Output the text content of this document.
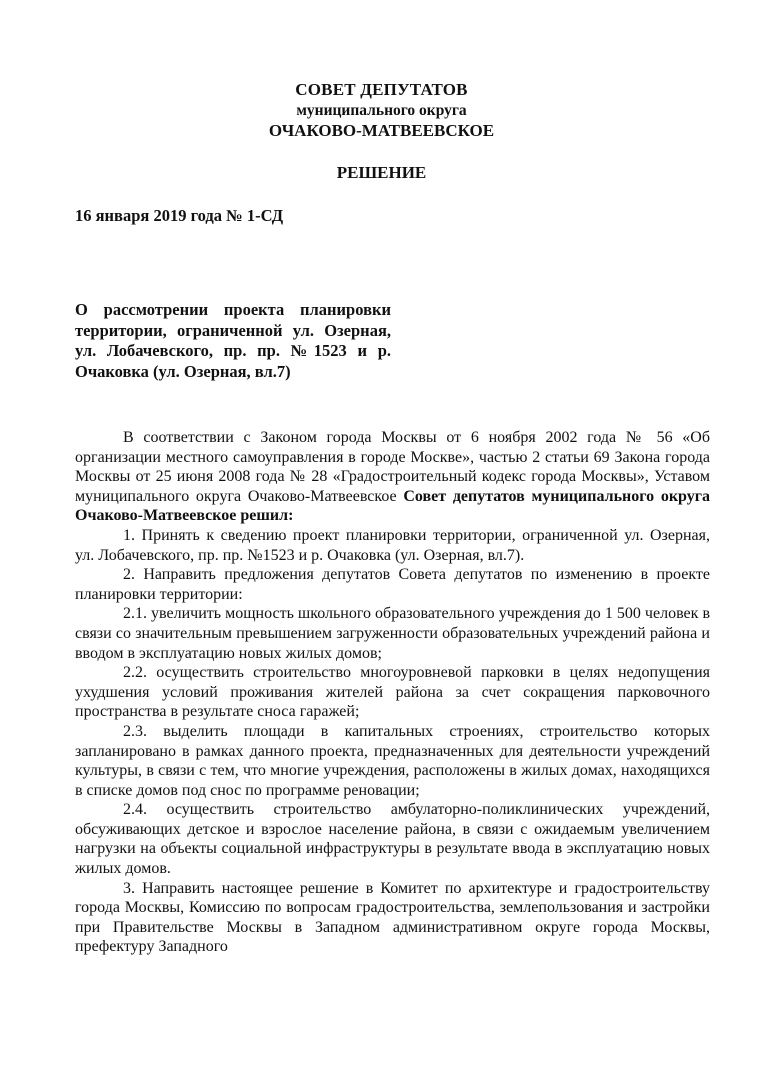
СОВЕТ ДЕПУТАТОВ
муниципального округа
ОЧАКОВО-МАТВЕЕВСКОЕ
РЕШЕНИЕ
16 января 2019 года № 1-СД
О рассмотрении проекта планировки территории, ограниченной ул. Озерная, ул. Лобачевского, пр. пр. №1523 и р. Очаковка (ул. Озерная, вл.7)

В соответствии с Законом города Москвы от 6 ноября 2002 года № 56 «Об организации местного самоуправления в городе Москве», частью 2 статьи 69 Закона города Москвы от 25 июня 2008 года № 28 «Градостроительный кодекс города Москвы», Уставом муниципального округа Очаково-Матвеевское Совет депутатов муниципального округа Очаково-Матвеевское решил:

1. Принять к сведению проект планировки территории, ограниченной ул. Озерная, ул. Лобачевского, пр. пр. №1523 и р. Очаковка (ул. Озерная, вл.7).

2. Направить предложения депутатов Совета депутатов по изменению в проекте планировки территории:

2.1. увеличить мощность школьного образовательного учреждения до 1 500 человек в связи со значительным превышением загруженности образовательных учреждений района и вводом в эксплуатацию новых жилых домов;

2.2. осуществить строительство многоуровневой парковки в целях недопущения ухудшения условий проживания жителей района за счет сокращения парковочного пространства в результате сноса гаражей;

2.3. выделить площади в капитальных строениях, строительство которых запланировано в рамках данного проекта, предназначенных для деятельности учреждений культуры, в связи с тем, что многие учреждения, расположены в жилых домах, находящихся в списке домов под снос по программе реновации;

2.4. осуществить строительство амбулаторно-поликлинических учреждений, обсуживающих детское и взрослое население района, в связи с ожидаемым увеличением нагрузки на объекты социальной инфраструктуры в результате ввода в эксплуатацию новых жилых домов.

3. Направить настоящее решение в Комитет по архитектуре и градостроительству города Москвы, Комиссию по вопросам градостроительства, землепользования и застройки при Правительстве Москвы в Западном административном округе города Москвы, префектуру Западного
